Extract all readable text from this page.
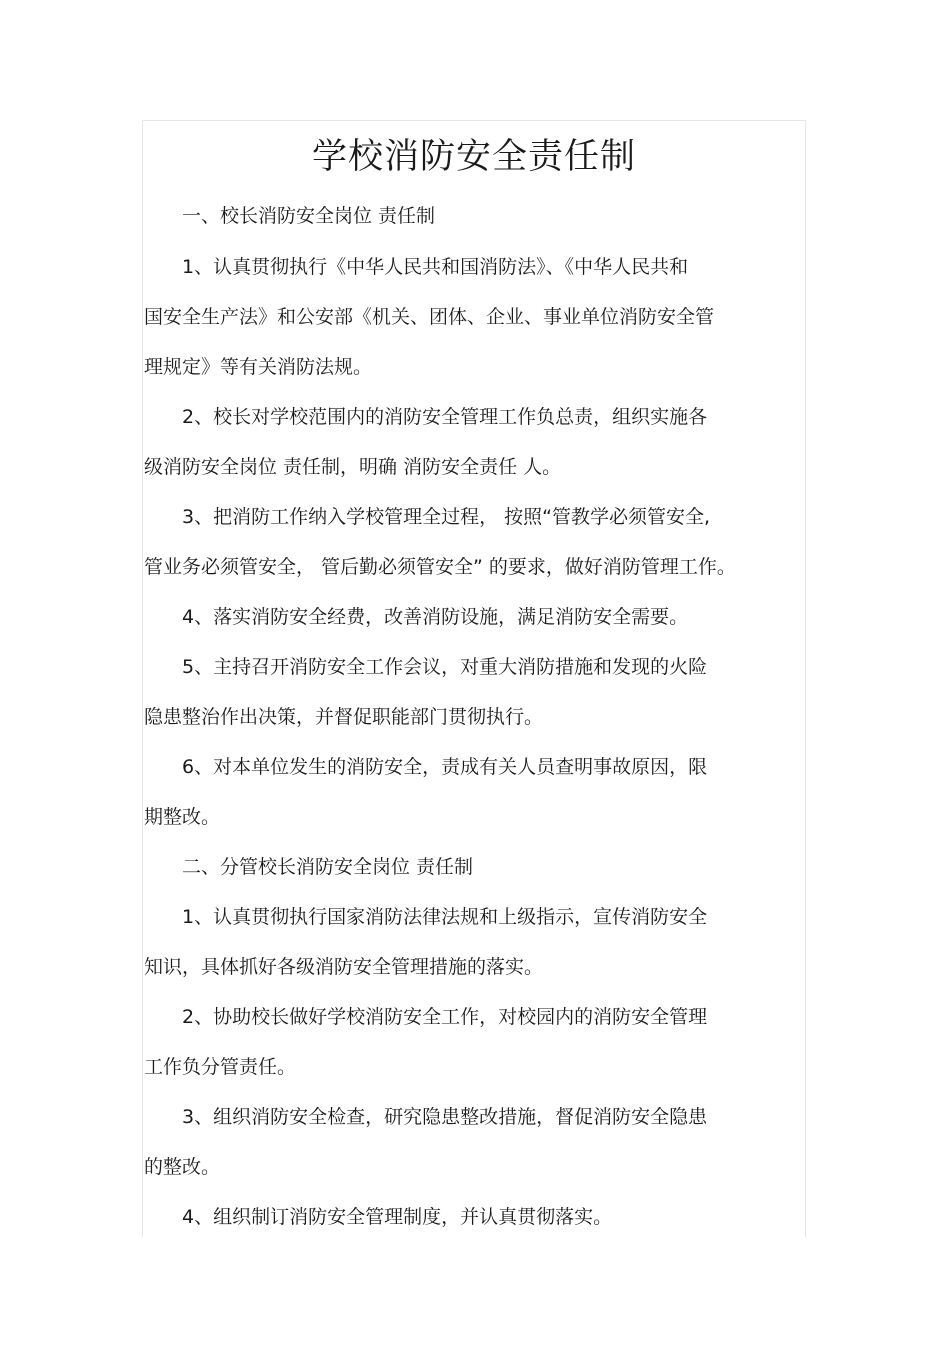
学校消防安全责任制

一、校长消防安全岗位 责任制

1、认真贯彻执行《中华人民共和国消防法》、《中华人民共和

国安全生产法》和公安部《机关、团体、企业、事业单位消防安全管

理规定》等有关消防法规。

2、校长对学校范围内的消防安全管理工作负总责，组织实施各

级消防安全岗位 责任制，明确 消防安全责任 人。

3、把消防工作纳入学校管理全过程， 按照“管教学必须管安全,

管业务必须管安全， 管后勤必须管安全” 的要求，做好消防管理工作。

4、落实消防安全经费，改善消防设施，满足消防安全需要。

5、主持召开消防安全工作会议，对重大消防措施和发现的火险

隐患整治作出决策，并督促职能部门贯彻执行。

6、对本单位发生的消防安全，责成有关人员查明事故原因，限

期整改。

二、分管校长消防安全岗位 责任制

1、认真贯彻执行国家消防法律法规和上级指示，宣传消防安全

知识，具体抓好各级消防安全管理措施的落实。

2、协助校长做好学校消防安全工作，对校园内的消防安全管理

工作负分管责任。

3、组织消防安全检查，研究隐患整改措施，督促消防安全隐患

的整改。

4、组织制订消防安全管理制度，并认真贯彻落实。
